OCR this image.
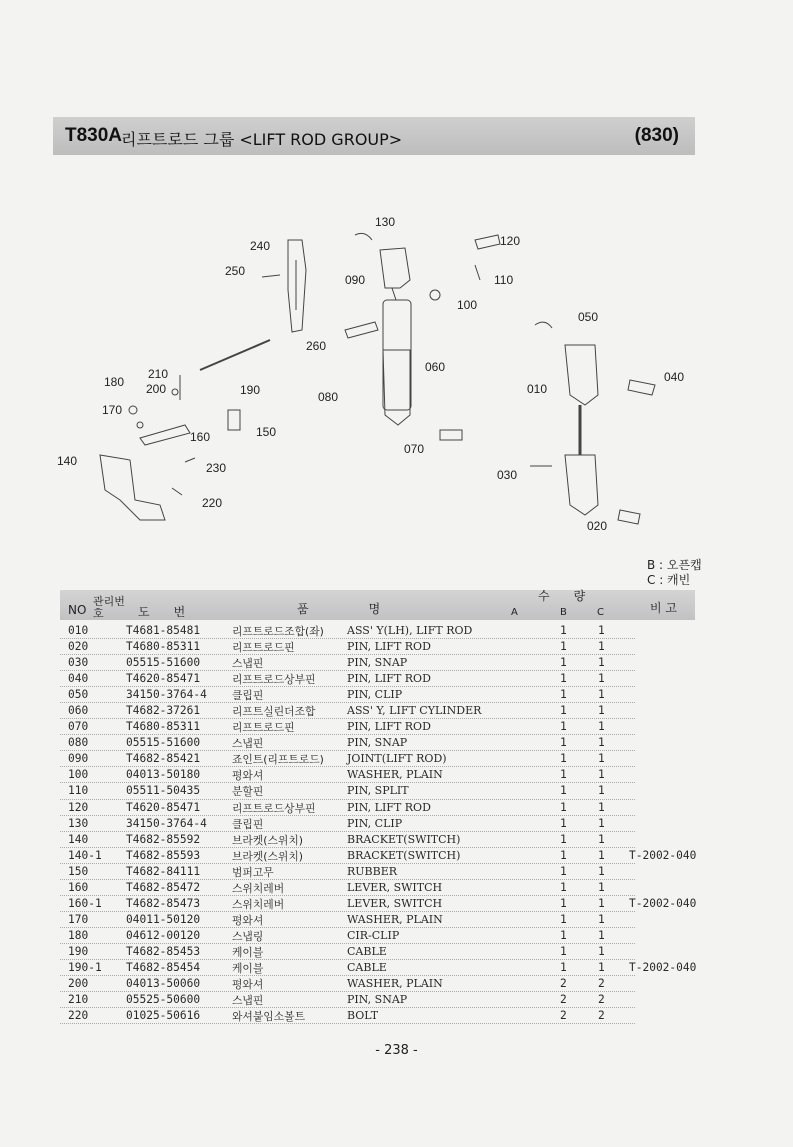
T830A
리프트로드 그룹 <LIFT ROD GROUP>	(830)
050
130
120
110
100
090
240
250
260
060
040
010
080
070
030
020
210
200
180
190
170
150
160
140	230
220
B : 오픈캡
C : 캐빈
NO
관리번호	도　　번	품　　　　　명
수　　량
A	B	C	비 고
010	T4681-85481	리프트로드조합(좌) ASS' Y(LH), LIFT ROD	1	1
020	T4680-85311	리프트로드핀	PIN, LIFT ROD	1	1
030	05515-51600	스냅핀	PIN, SNAP	1	1
040	T4620-85471	리프트로드상부핀	PIN, LIFT ROD	1	1
050	34150-3764-4 클립핀	PIN, CLIP	1	1
060	T4682-37261	리프트실린더조합	ASS' Y, LIFT CYLINDER	1	1
070	T4680-85311	리프트로드핀	PIN, LIFT ROD	1	1
080	05515-51600	스냅핀	PIN, SNAP	1	1
090	T4682-85421	죠인트(리프트로드) JOINT(LIFT ROD)	1	1
100	04013-50180	평와셔	WASHER, PLAIN	1	1
110	05511-50435	분할핀	PIN, SPLIT	1	1
120	T4620-85471	리프트로드상부핀	PIN, LIFT ROD	1	1
130	34150-3764-4 클립핀	PIN, CLIP	1	1
140	T4682-85592	브라켓(스위치)	BRACKET(SWITCH)	1	1
140-1 T4682-85593	브라켓(스위치)	BRACKET(SWITCH)	1	1 T-2002-040
150	T4682-84111	범퍼고무	RUBBER	1	1
160	T4682-85472	스위치레버	LEVER, SWITCH	1	1
160-1 T4682-85473	스위치레버	LEVER, SWITCH	1	1 T-2002-040
170	04011-50120	평와셔	WASHER, PLAIN	1	1
180	04612-00120	스냅링	CIR-CLIP	1	1
190	T4682-85453	케이블	CABLE	1	1
190-1 T4682-85454	케이블	CABLE	1	1 T-2002-040
200	04013-50060	평와셔	WASHER, PLAIN	2	2
210	05525-50600	스냅핀	PIN, SNAP	2	2
220	01025-50616	와셔붙임소볼트	BOLT	2	2
- 238 -
